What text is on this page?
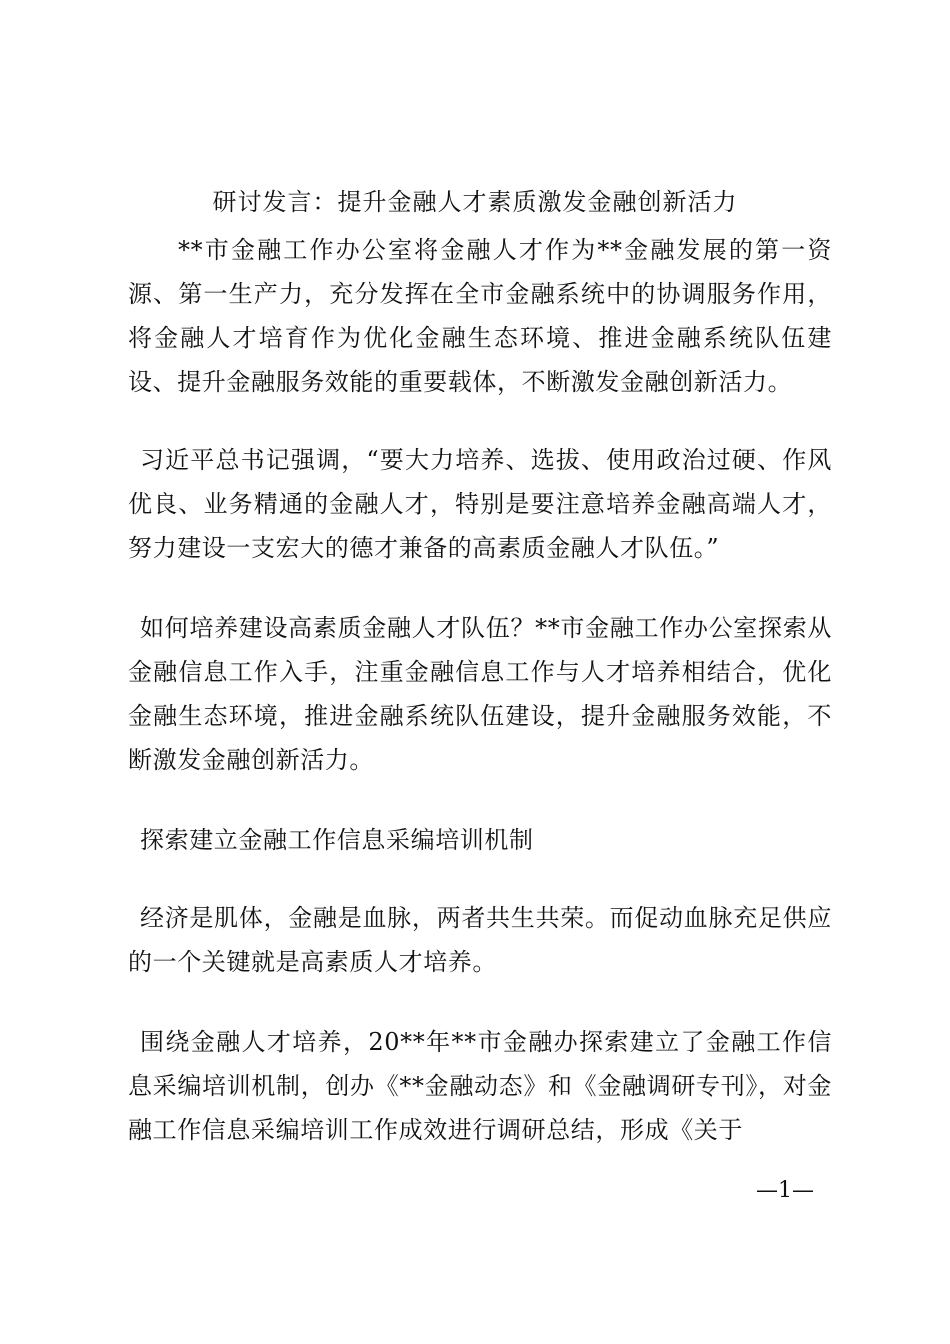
研讨发言：提升金融人才素质激发金融创新活力

**市金融工作办公室将金融人才作为**金融发展的第一资源、第一生产力，充分发挥在全市金融系统中的协调服务作用，将金融人才培育作为优化金融生态环境、推进金融系统队伍建设、提升金融服务效能的重要载体，不断激发金融创新活力。

习近平总书记强调，“要大力培养、选拔、使用政治过硬、作风优良、业务精通的金融人才，特别是要注意培养金融高端人才，努力建设一支宏大的德才兼备的高素质金融人才队伍。”

如何培养建设高素质金融人才队伍？**市金融工作办公室探索从金融信息工作入手，注重金融信息工作与人才培养相结合，优化金融生态环境，推进金融系统队伍建设，提升金融服务效能，不断激发金融创新活力。

探索建立金融工作信息采编培训机制

经济是肌体，金融是血脉，两者共生共荣。而促动血脉充足供应的一个关键就是高素质人才培养。

围绕金融人才培养，20**年**市金融办探索建立了金融工作信息采编培训机制，创办《**金融动态》和《金融调研专刊》，对金融工作信息采编培训工作成效进行调研总结，形成《关于

—1—
